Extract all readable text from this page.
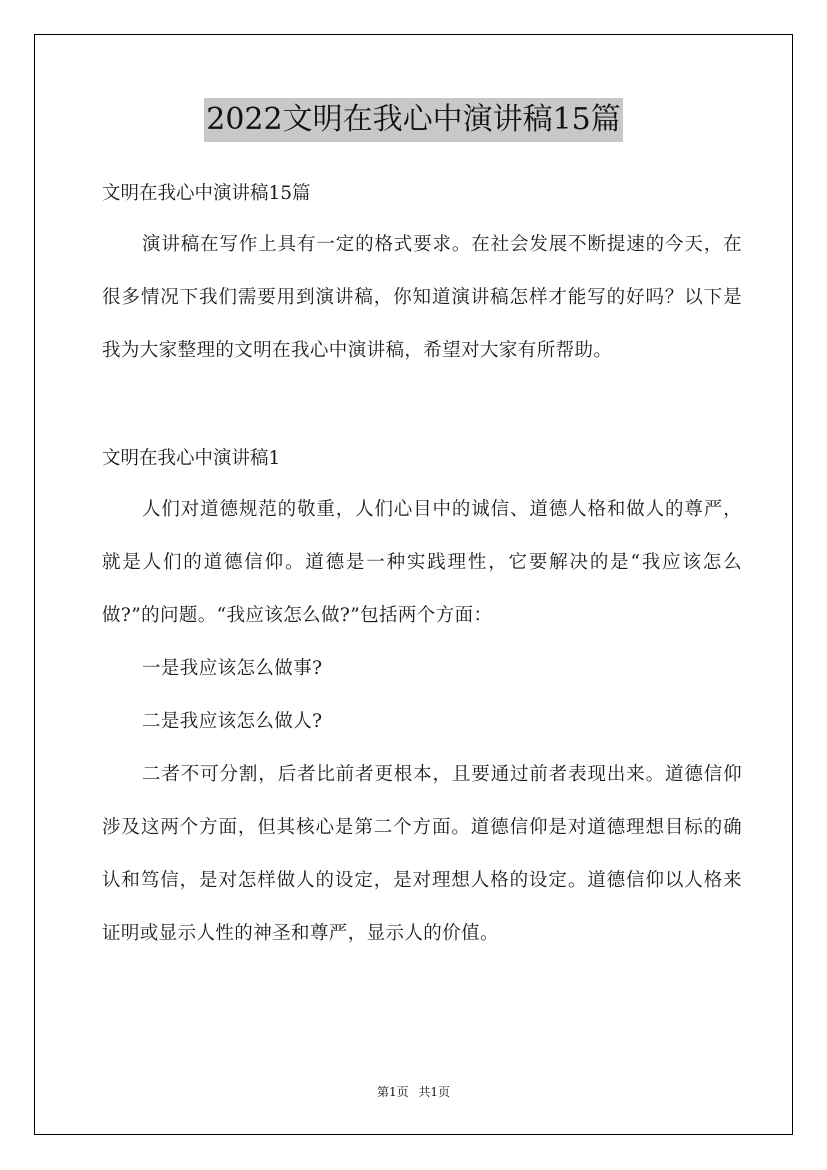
2022文明在我心中演讲稿15篇

文明在我心中演讲稿15篇

演讲稿在写作上具有一定的格式要求。在社会发展不断提速的今天，在很多情况下我们需要用到演讲稿，你知道演讲稿怎样才能写的好吗？以下是我为大家整理的文明在我心中演讲稿，希望对大家有所帮助。

文明在我心中演讲稿1

人们对道德规范的敬重，人们心目中的诚信、道德人格和做人的尊严，就是人们的道德信仰。道德是一种实践理性，它要解决的是“我应该怎么做?”的问题。“我应该怎么做?”包括两个方面：

一是我应该怎么做事?

二是我应该怎么做人?

二者不可分割，后者比前者更根本，且要通过前者表现出来。道德信仰涉及这两个方面，但其核心是第二个方面。道德信仰是对道德理想目标的确认和笃信，是对怎样做人的设定，是对理想人格的设定。道德信仰以人格来证明或显示人性的神圣和尊严，显示人的价值。

第1页 共1页
